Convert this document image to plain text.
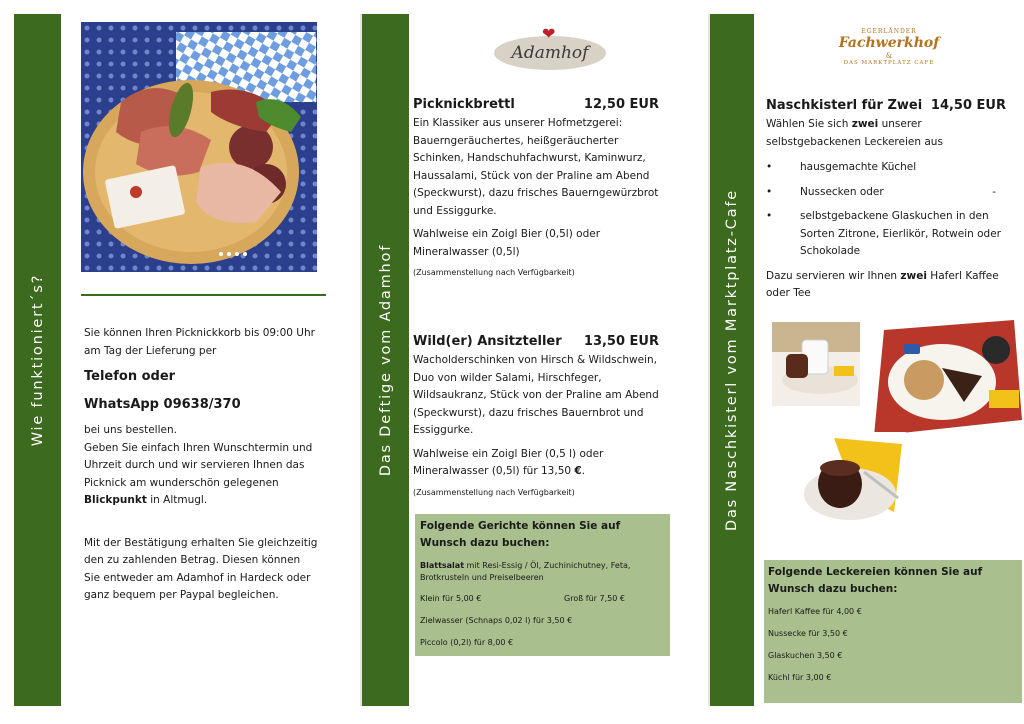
Wie funktioniert´s?	Das Deftige vom Adamhof	Das Naschkisterl vom Marktplatz-Cafe
Sie können Ihren Picknickkorb bis 09:00 Uhr am Tag der Lieferung per
Telefon oder
WhatsApp 09638/370
bei uns bestellen.
Geben Sie einfach Ihren Wunschtermin und Uhrzeit durch und wir servieren Ihnen das Picknick am wunderschön gelegenen Blickpunkt in Altmugl.
Mit der Bestätigung erhalten Sie gleichzeitig den zu zahlenden Betrag. Diesen können Sie entweder am Adamhof in Hardeck oder ganz bequem per Paypal begleichen.
❤
Adamhof
Picknickbrettl	12,50 EUR
Ein Klassiker aus unserer Hofmetzgerei: Bauerngeräuchertes, heißgeräucherter Schinken, Handschuhfachwurst, Kaminwurz, Haussalami, Stück von der Praline am Abend (Speckwurst), dazu frisches Bauerngewürzbrot und Essiggurke.
Wahlweise ein Zoigl Bier (0,5l) oder Mineralwasser (0,5l)
(Zusammenstellung nach Verfügbarkeit)
Wild(er) Ansitzteller 13,50 EUR
Wacholderschinken von Hirsch & Wildschwein, Duo von wilder Salami, Hirschfeger, Wildsaukranz, Stück von der Praline am Abend (Speckwurst), dazu frisches Bauernbrot und Essiggurke.
Wahlweise ein Zoigl Bier (0,5 l) oder Mineralwasser (0,5l) für 13,50 €.
(Zusammenstellung nach Verfügbarkeit)
Folgende Gerichte können Sie auf Wunsch dazu buchen:
Blattsalat mit Resi-Essig / Öl, Zuchinichutney, Feta, Brotkrusteln und Preiselbeeren
Klein für 5,00 €	Groß für 7,50 €
Zielwasser (Schnaps 0,02 l) für 3,50 €
Piccolo (0,2l) für 8,00 €
EGERLÄNDER
Fachwerkhof
&
DAS MARKTPLATZ CAFE
Naschkisterl für Zwei 14,50 EUR
Wählen Sie sich zwei unserer selbstgebackenen Leckereien aus
• hausgemachte Küchel
• Nussecken oder	-
• selbstgebackene Glaskuchen in den Sorten Zitrone, Eierlikör, Rotwein oder Schokolade
Dazu servieren wir Ihnen zwei Haferl Kaffee oder Tee
Folgende Leckereien können Sie auf Wunsch dazu buchen:
Haferl Kaffee für 4,00 €
Nussecke für 3,50 €
Glaskuchen 3,50 €
Küchl für 3,00 €
